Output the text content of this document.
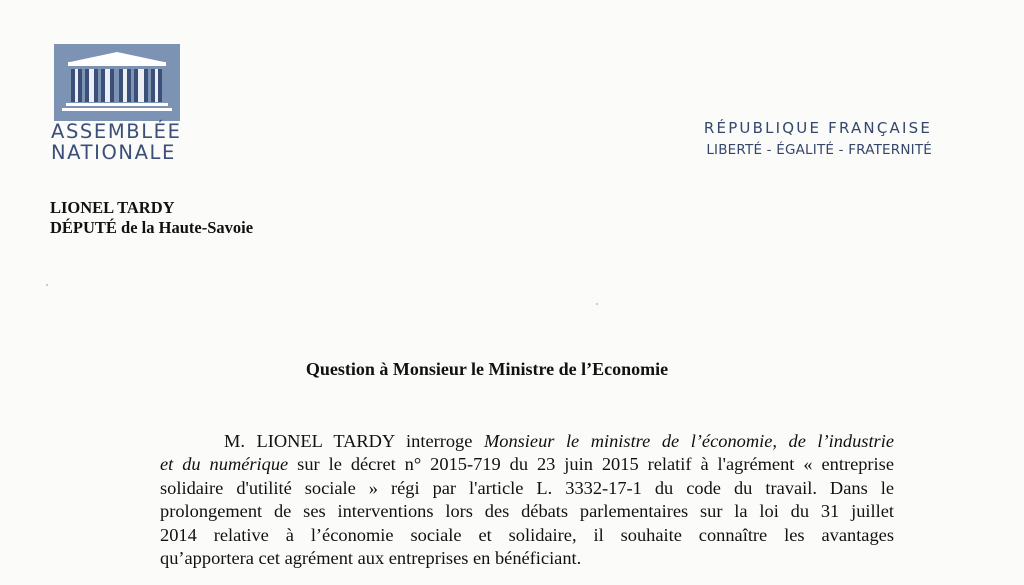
ASSEMBLÉE
NATIONALE
RÉPUBLIQUE FRANÇAISE
LIBERTÉ - ÉGALITÉ - FRATERNITÉ
LIONEL TARDY
DÉPUTÉ de la Haute-Savoie
Question à Monsieur le Ministre de l’Economie

M. LIONEL TARDY interroge Monsieur le ministre de l’économie, de l’industrie
et du numérique sur le décret n° 2015-719 du 23 juin 2015 relatif à l'agrément « entreprise
solidaire d'utilité sociale » régi par l'article L. 3332-17-1 du code du travail. Dans le
prolongement de ses interventions lors des débats parlementaires sur la loi du 31 juillet
2014 relative à l’économie sociale et solidaire, il souhaite connaître les avantages
qu’apportera cet agrément aux entreprises en bénéficiant.
